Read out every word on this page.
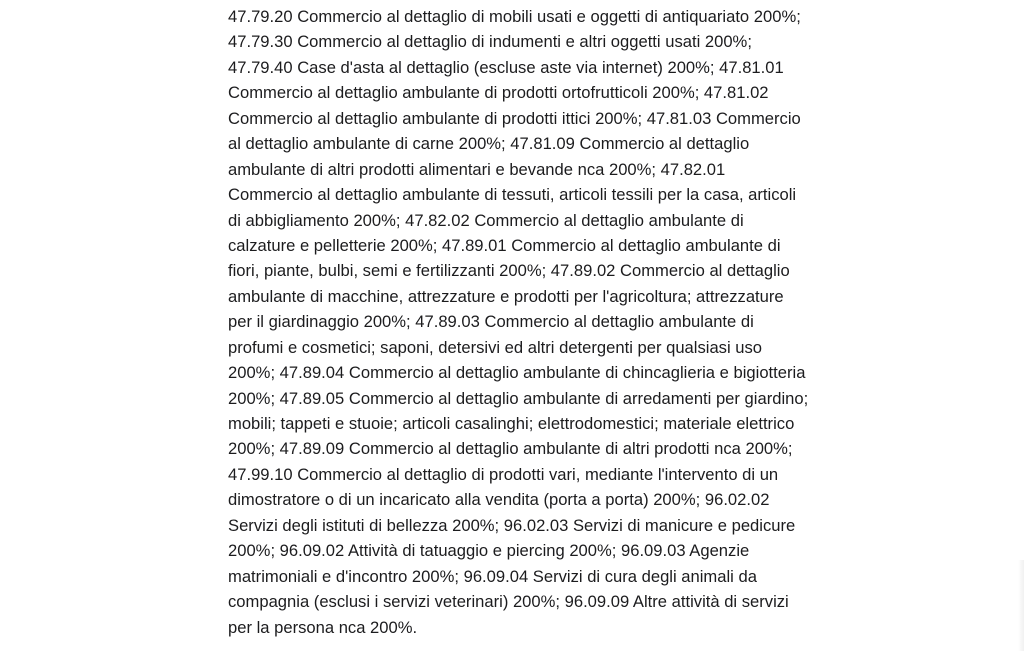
47.79.20 Commercio al dettaglio di mobili usati e oggetti di antiquariato 200%;
47.79.30 Commercio al dettaglio di indumenti e altri oggetti usati 200%;
47.79.40 Case d'asta al dettaglio (escluse aste via internet) 200%; 47.81.01
Commercio al dettaglio ambulante di prodotti ortofrutticoli 200%; 47.81.02
Commercio al dettaglio ambulante di prodotti ittici 200%; 47.81.03 Commercio
al dettaglio ambulante di carne 200%; 47.81.09 Commercio al dettaglio
ambulante di altri prodotti alimentari e bevande nca 200%; 47.82.01
Commercio al dettaglio ambulante di tessuti, articoli tessili per la casa, articoli
di abbigliamento 200%; 47.82.02 Commercio al dettaglio ambulante di
calzature e pelletterie 200%; 47.89.01 Commercio al dettaglio ambulante di
fiori, piante, bulbi, semi e fertilizzanti 200%; 47.89.02 Commercio al dettaglio
ambulante di macchine, attrezzature e prodotti per l'agricoltura; attrezzature
per il giardinaggio 200%; 47.89.03 Commercio al dettaglio ambulante di
profumi e cosmetici; saponi, detersivi ed altri detergenti per qualsiasi uso
200%; 47.89.04 Commercio al dettaglio ambulante di chincaglieria e bigiotteria
200%; 47.89.05 Commercio al dettaglio ambulante di arredamenti per giardino;
mobili; tappeti e stuoie; articoli casalinghi; elettrodomestici; materiale elettrico
200%; 47.89.09 Commercio al dettaglio ambulante di altri prodotti nca 200%;
47.99.10 Commercio al dettaglio di prodotti vari, mediante l'intervento di un
dimostratore o di un incaricato alla vendita (porta a porta) 200%; 96.02.02
Servizi degli istituti di bellezza 200%; 96.02.03 Servizi di manicure e pedicure
200%; 96.09.02 Attività di tatuaggio e piercing 200%; 96.09.03 Agenzie
matrimoniali e d'incontro 200%; 96.09.04 Servizi di cura degli animali da
compagnia (esclusi i servizi veterinari) 200%; 96.09.09 Altre attività di servizi
per la persona nca 200%.
